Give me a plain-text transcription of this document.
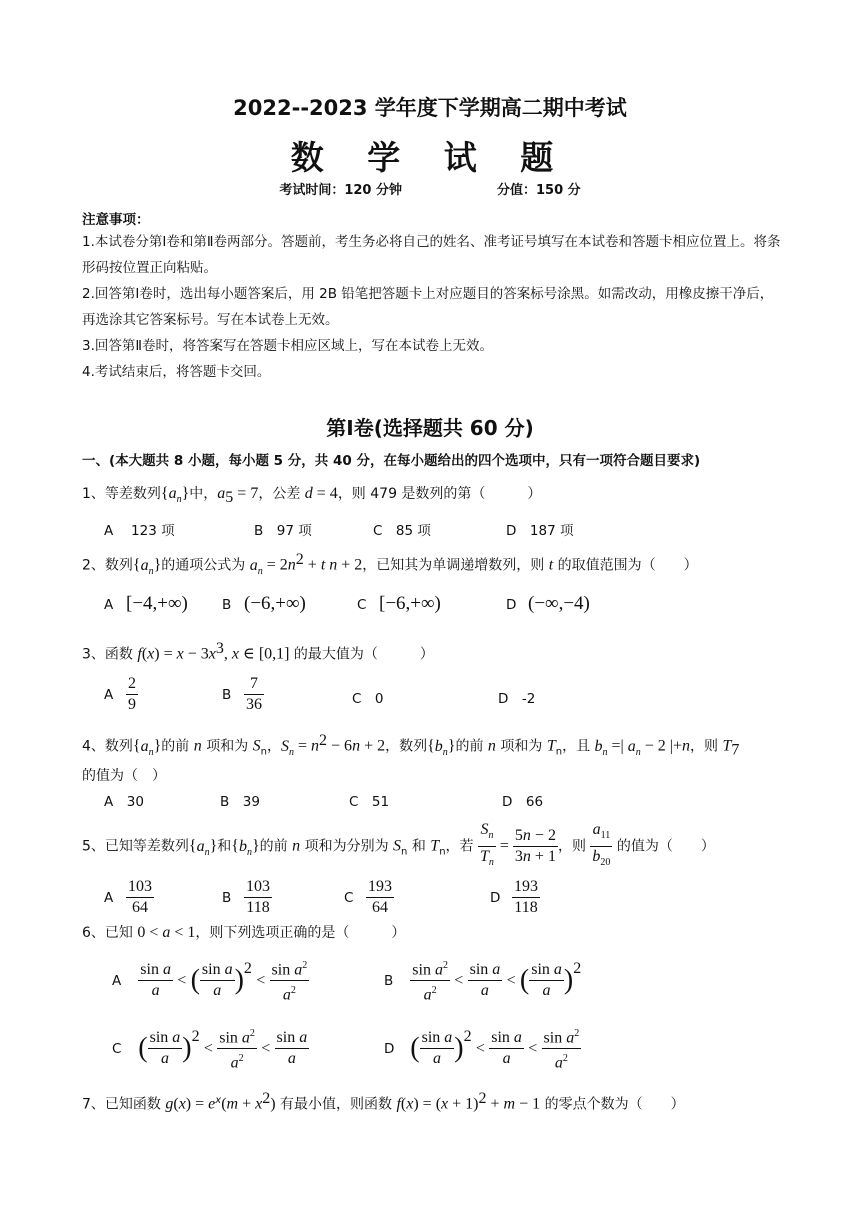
2022--2023 学年度下学期高二期中考试
数 学 试 题
考试时间：120 分钟	分值：150 分
注意事项：

1.本试卷分第Ⅰ卷和第Ⅱ卷两部分。答题前，考生务必将自己的姓名、准考证号填写在本试卷和答题卡相应位置上。将条形码按位置正向粘贴。

2.回答第Ⅰ卷时，选出每小题答案后，用 2B 铅笔把答题卡上对应题目的答案标号涂黑。如需改动，用橡皮擦干净后，再选涂其它答案标号。写在本试卷上无效。

3.回答第Ⅱ卷时，将答案写在答题卡相应区域上，写在本试卷上无效。

4.考试结束后，将答题卡交回。

第Ⅰ卷(选择题共 60 分)
一、(本大题共 8 小题，每小题 5 分，共 40 分，在每小题给出的四个选项中，只有一项符合题目要求)
1、等差数列$\{a_n\}$中，$a_5 = 7$，公差 d = 4，则 479 是数列的第（　　　）
A　 123 项	B　97 项	C　85 项	D　187 项
2、数列$\{a_n\}$的通项公式为 $a_n = 2n^2 + t$ n + 2，已知其为单调递增数列，则 t 的取值范围为（　　）
A [−4,+∞)	B (−6,+∞)	C [−6,+∞)	D (−∞,−4)
3、函数 $f(x) = x - 3x^3$, x ∈ [0,1] 的最大值为（　　　）
A $\frac{2}{9}$	B $\frac{7}{36}$	C　0	D　-2
4、数列$\{a_n\}$的前 n 项和为 $S_n$，$S_n = n^2 - 6n + 2$，数列$\{b_n\}$的前 n 项和为 $T_n$，且 $b_n$ =| $a_n - 2$ |+n，则 $T_7$
的值为（　）
A　30	B　39	C　51	D　66
5、已知等差数列$\{a_n\}$和$\{b_n\}$的前 n 项和为分别为 $S_n$ 和 $T_n$，若 $\frac{S_n}{T_n} = \frac{5n - 2}{3n + 1}$ ，则 $\frac{a_{11}}{b_{20}}$ 的值为（　　）
A $\frac{103}{64}$	B $\frac{103}{118}$	C $\frac{193}{64}$	D $\frac{193}{118}$
6、已知 0 < a < 1，则下列选项正确的是（　　　）
A $\frac{\text{sin a}}{a}$ < ( $\frac{\text{sin a}}{a} )^2 < \frac{\sin a^2}{a^2}$	B $\frac{\sin a^2}{a^2} < \frac{\text{sin a}}{a}$ < ( $\frac{\text{sin a}}{a} )^2$
C ( $\frac{\text{sin a}}{a} )^2 < \frac{\sin a^2}{a^2} < \frac{\text{sin a}}{a}$	D ( $\frac{\text{sin a}}{a} )^2 < \frac{\text{sin a}}{a} < \frac{\sin a^2}{a^2}$
7、已知函数 $g(x) = e^x(m + x^2)$ 有最小值，则函数 $f(x) = (x + 1)^2 + m - 1$ 的零点个数为（　　）
